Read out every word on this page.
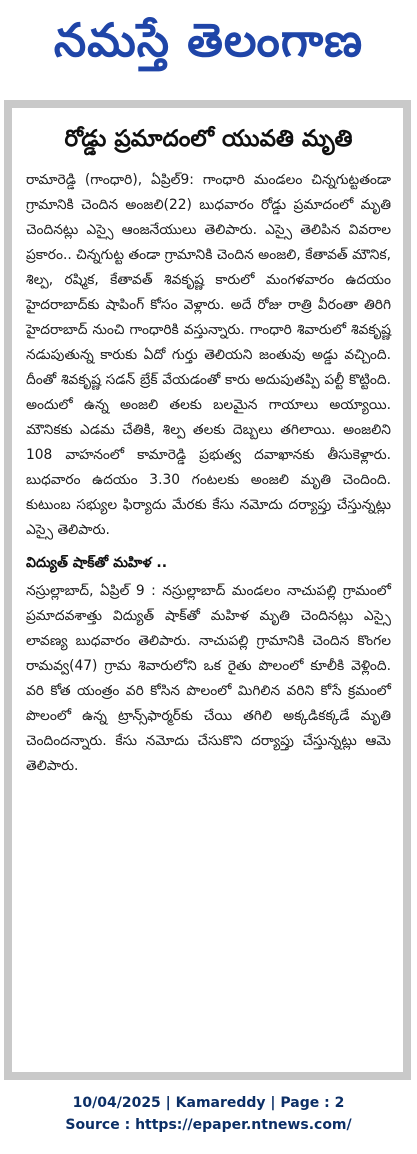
నమస్తే తెలంగాణ
రోడ్డు ప్రమాదంలో యువతి మృతి

రామారెడ్డి (గాంధారి), ఏప్రిల్9: గాంధారి మండలం చిన్నగుట్టతండా గ్రామానికి చెందిన అంజలి(22) బుధవారం రోడ్డు ప్రమాదంలో మృతి చెందినట్లు ఎస్సై ఆంజనేయులు తెలిపారు. ఎస్సై తెలిపిన వివరాల ప్రకారం.. చిన్నగుట్ట తండా గ్రామానికి చెందిన అంజలి, కేతావత్ మౌనిక, శిల్ప, రష్మిక, కేతావత్ శివకృష్ణ కారులో మంగళవారం ఉదయం హైదరాబాద్‌కు షాపింగ్ కోసం వెళ్లారు. అదే రోజు రాత్రి వీరంతా తిరిగి హైదరాబాద్ నుంచి గాంధారికి వస్తున్నారు. గాంధారి శివారులో శివకృష్ణ నడుపుతున్న కారుకు ఏదో గుర్తు తెలియని జంతువు అడ్డు వచ్చింది. దీంతో శివకృష్ణ సడన్ బ్రేక్ వేయడంతో కారు అదుపుతప్పి పల్టీ కొట్టింది. అందులో ఉన్న అంజలి తలకు బలమైన గాయాలు అయ్యాయి. మౌనికకు ఎడమ చేతికి, శిల్ప తలకు దెబ్బలు తగిలాయి. అంజలిని 108 వాహనంలో కామారెడ్డి ప్రభుత్వ దవాఖానకు తీసుకెళ్లారు. బుధవారం ఉదయం 3.30 గంటలకు అంజలి మృతి చెందింది. కుటుంబ సభ్యుల ఫిర్యాదు మేరకు కేసు నమోదు దర్యాప్తు చేస్తున్నట్లు ఎస్సై తెలిపారు.

విద్యుత్ షాక్‌తో మహిళ ..

నస్రుల్లాబాద్, ఏప్రిల్ 9 : నస్రుల్లాబాద్ మండలం నాచుపల్లి గ్రామంలో ప్రమాదవశాత్తు విద్యుత్ షాక్‌తో మహిళ మృతి చెందినట్లు ఎస్సై లావణ్య బుధవారం తెలిపారు. నాచుపల్లి గ్రామానికి చెందిన కొంగల రామవ్వ(47) గ్రామ శివారులోని ఒక రైతు పొలంలో కూలీకి వెళ్లింది. వరి కోత యంత్రం వరి కోసిన పొలంలో మిగిలిన వరిని కోసే క్రమంలో పొలంలో ఉన్న ట్రాన్స్‌ఫార్మర్‌కు చేయి తగిలి అక్కడికక్కడే మృతి చెందిందన్నారు. కేసు నమోదు చేసుకొని దర్యాప్తు చేస్తున్నట్లు ఆమె తెలిపారు.

10/04/2025 | Kamareddy | Page : 2
Source : https://epaper.ntnews.com/
